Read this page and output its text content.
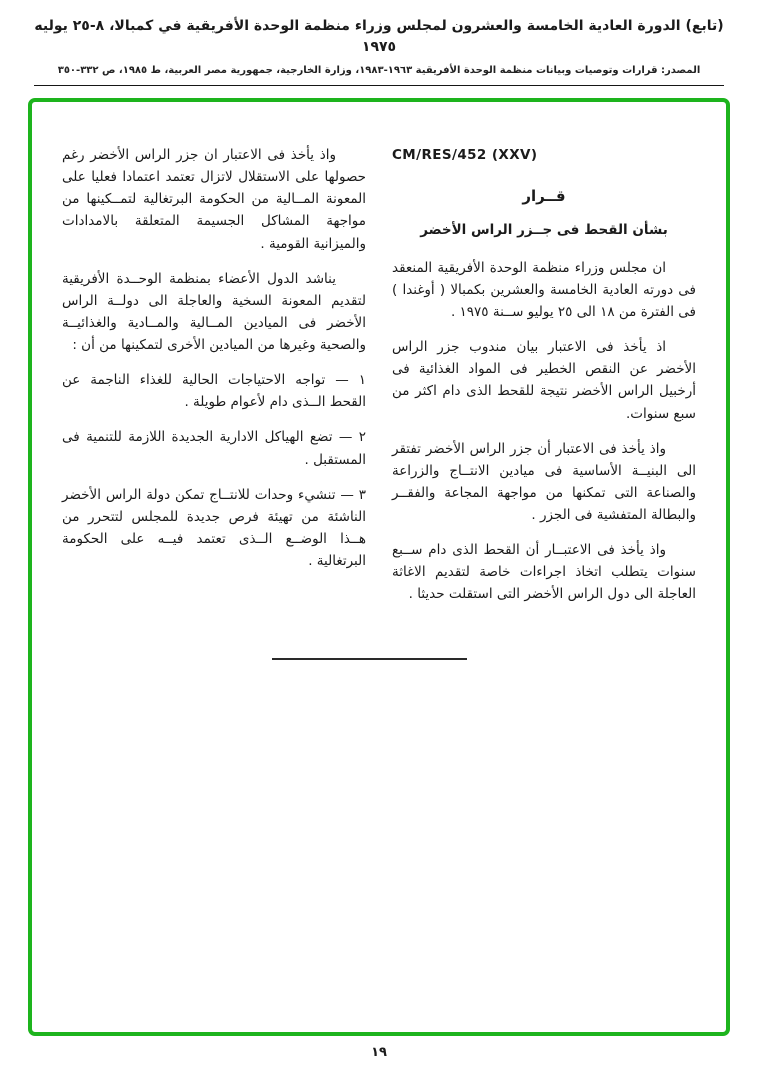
(تابع) الدورة العادية الخامسة والعشرون لمجلس وزراء منظمة الوحدة الأفريقية في كمبالا، ٨-٢٥ يوليه ١٩٧٥
المصدر: قرارات وتوصيات وبيانات منظمة الوحدة الأفريقية ١٩٦٣-١٩٨٣، وزارة الخارجية، جمهورية مصر العربية، ط ١٩٨٥، ص ٣٣٢-٣٥٠
CM/RES/452 (XXV)
قــرار
بشأن القحط فى جــزر الراس الأخضر

ان مجلس وزراء منظمة الوحدة الأفريقية المنعقد فى دورته العادية الخامسة والعشرين بكمبالا ( أوغندا ) فى الفترة من ١٨ الى ٢٥ يوليو ســنة ١٩٧٥ .

اذ يأخذ فى الاعتبار بيان مندوب جزر الراس الأخضر عن النقص الخطير فى المواد الغذائية فى أرخبيل الراس الأخضر نتيجة للقحط الذى دام اكثر من سبع سنوات.

واذ يأخذ فى الاعتبار أن جزر الراس الأخضر تفتقر الى البنيــة الأساسية فى ميادين الانتــاج والزراعة والصناعة التى تمكنها من مواجهة المجاعة والفقــر والبطالة المتفشية فى الجزر .

واذ يأخذ فى الاعتبــار أن القحط الذى دام ســبع سنوات يتطلب اتخاذ اجراءات خاصة لتقديم الاغاثة العاجلة الى دول الراس الأخضر التى استقلت حديثا .

واذ يأخذ فى الاعتبار ان جزر الراس الأخضر رغم حصولها على الاستقلال لاتزال تعتمد اعتمادا فعليا على المعونة المــالية من الحكومة البرتغالية لتمــكينها من مواجهة المشاكل الجسيمة المتعلقة بالامدادات والميزانية القومية .

يناشد الدول الأعضاء بمنظمة الوحــدة الأفريقية لتقديم المعونة السخية والعاجلة الى دولــة الراس الأخضر فى الميادين المــالية والمــادية والغذائيــة والصحية وغيرها من الميادين الأخرى لتمكينها من أن :

١ — تواجه الاحتياجات الحالية للغذاء الناجمة عن القحط الــذى دام لأعوام طويلة .

٢ — تضع الهياكل الادارية الجديدة اللازمة للتنمية فى المستقبل .

٣ — تنشيء وحدات للانتــاج تمكن دولة الراس الأخضر الناشئة من تهيئة فرص جديدة للمجلس لتتحرر من هــذا الوضــع الــذى تعتمد فيــه على الحكومة البرتغالية .

١٩
